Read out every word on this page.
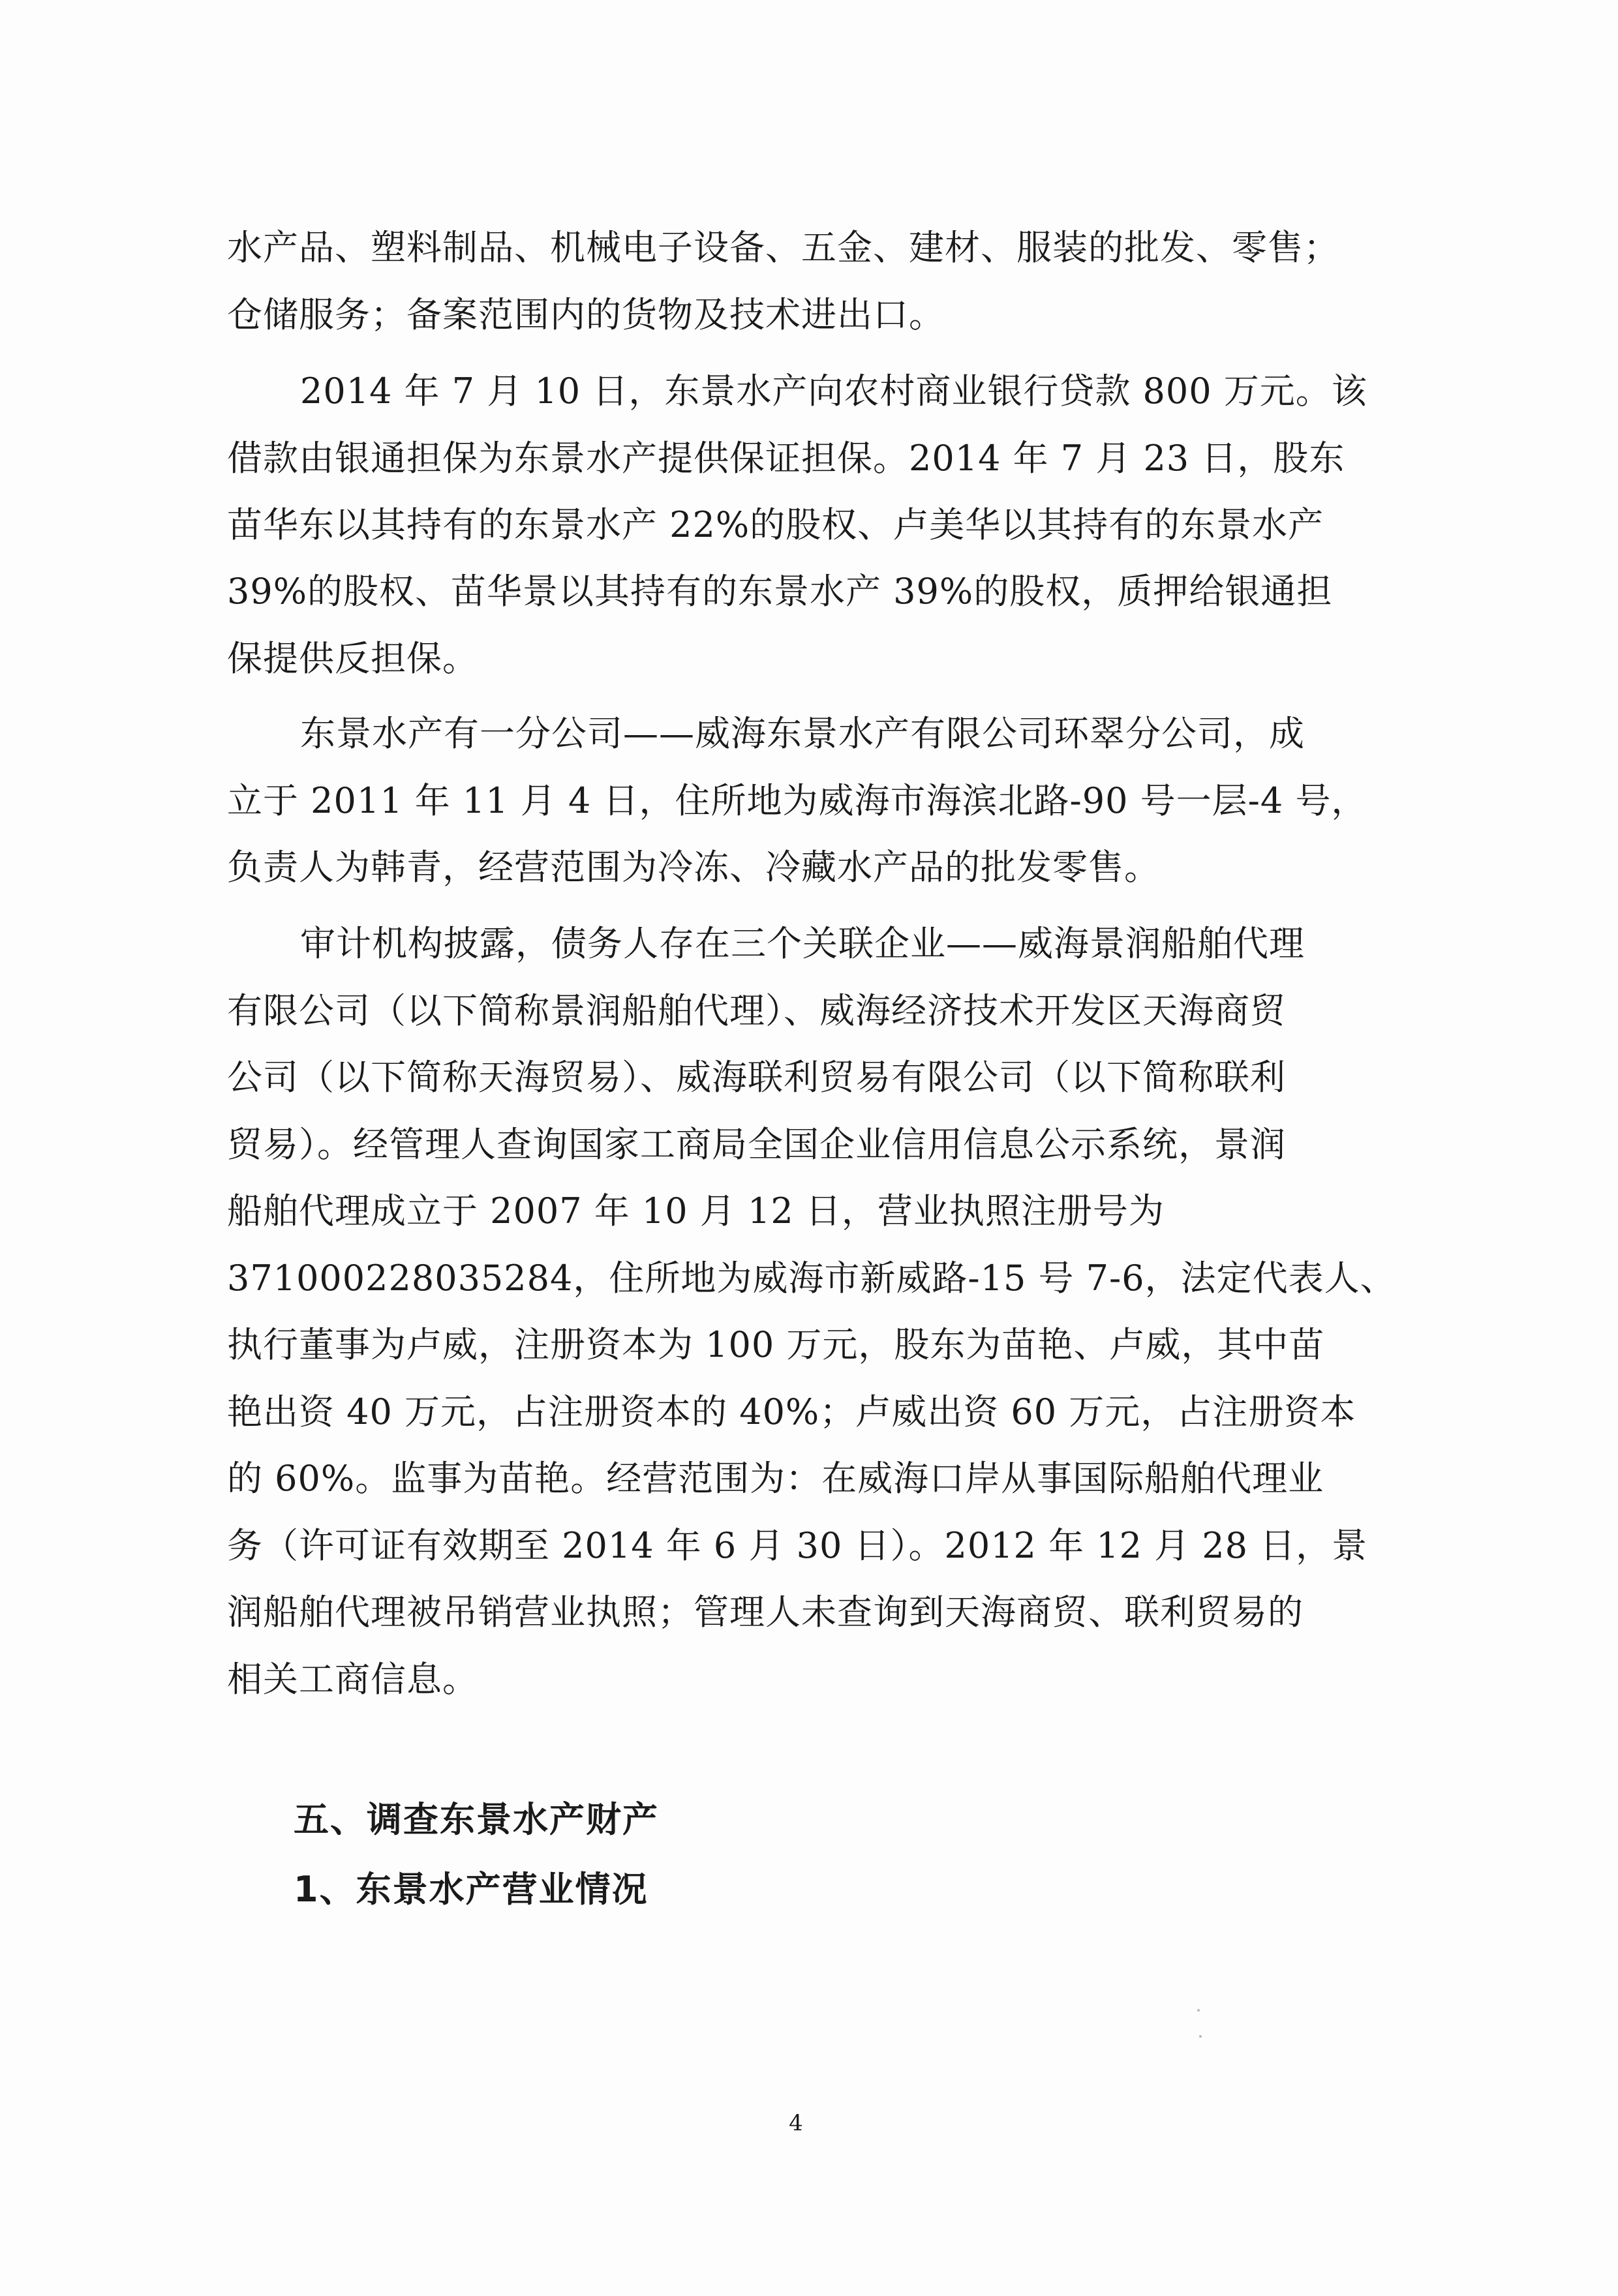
水产品、塑料制品、机械电子设备、五金、建材、服装的批发、零售；
仓储服务；备案范围内的货物及技术进出口。
2014 年 7 月 10 日，东景水产向农村商业银行贷款 800 万元。该
借款由银通担保为东景水产提供保证担保。2014 年 7 月 23 日，股东
苗华东以其持有的东景水产 22%的股权、卢美华以其持有的东景水产
39%的股权、苗华景以其持有的东景水产 39%的股权，质押给银通担
保提供反担保。
东景水产有一分公司——威海东景水产有限公司环翠分公司，成
立于 2011 年 11 月 4 日，住所地为威海市海滨北路-90 号一层-4 号，
负责人为韩青，经营范围为冷冻、冷藏水产品的批发零售。
审计机构披露，债务人存在三个关联企业——威海景润船舶代理
有限公司（以下简称景润船舶代理）、威海经济技术开发区天海商贸
公司（以下简称天海贸易）、威海联利贸易有限公司（以下简称联利
贸易）。经管理人查询国家工商局全国企业信用信息公示系统，景润
船舶代理成立于 2007 年 10 月 12 日，营业执照注册号为
371000228035284，住所地为威海市新威路-15 号 7-6，法定代表人、
执行董事为卢威，注册资本为 100 万元，股东为苗艳、卢威，其中苗
艳出资 40 万元，占注册资本的 40%；卢威出资 60 万元，占注册资本
的 60%。监事为苗艳。经营范围为：在威海口岸从事国际船舶代理业
务（许可证有效期至 2014 年 6 月 30 日）。2012 年 12 月 28 日，景
润船舶代理被吊销营业执照；管理人未查询到天海商贸、联利贸易的
相关工商信息。
五、调查东景水产财产
1、东景水产营业情况
4
